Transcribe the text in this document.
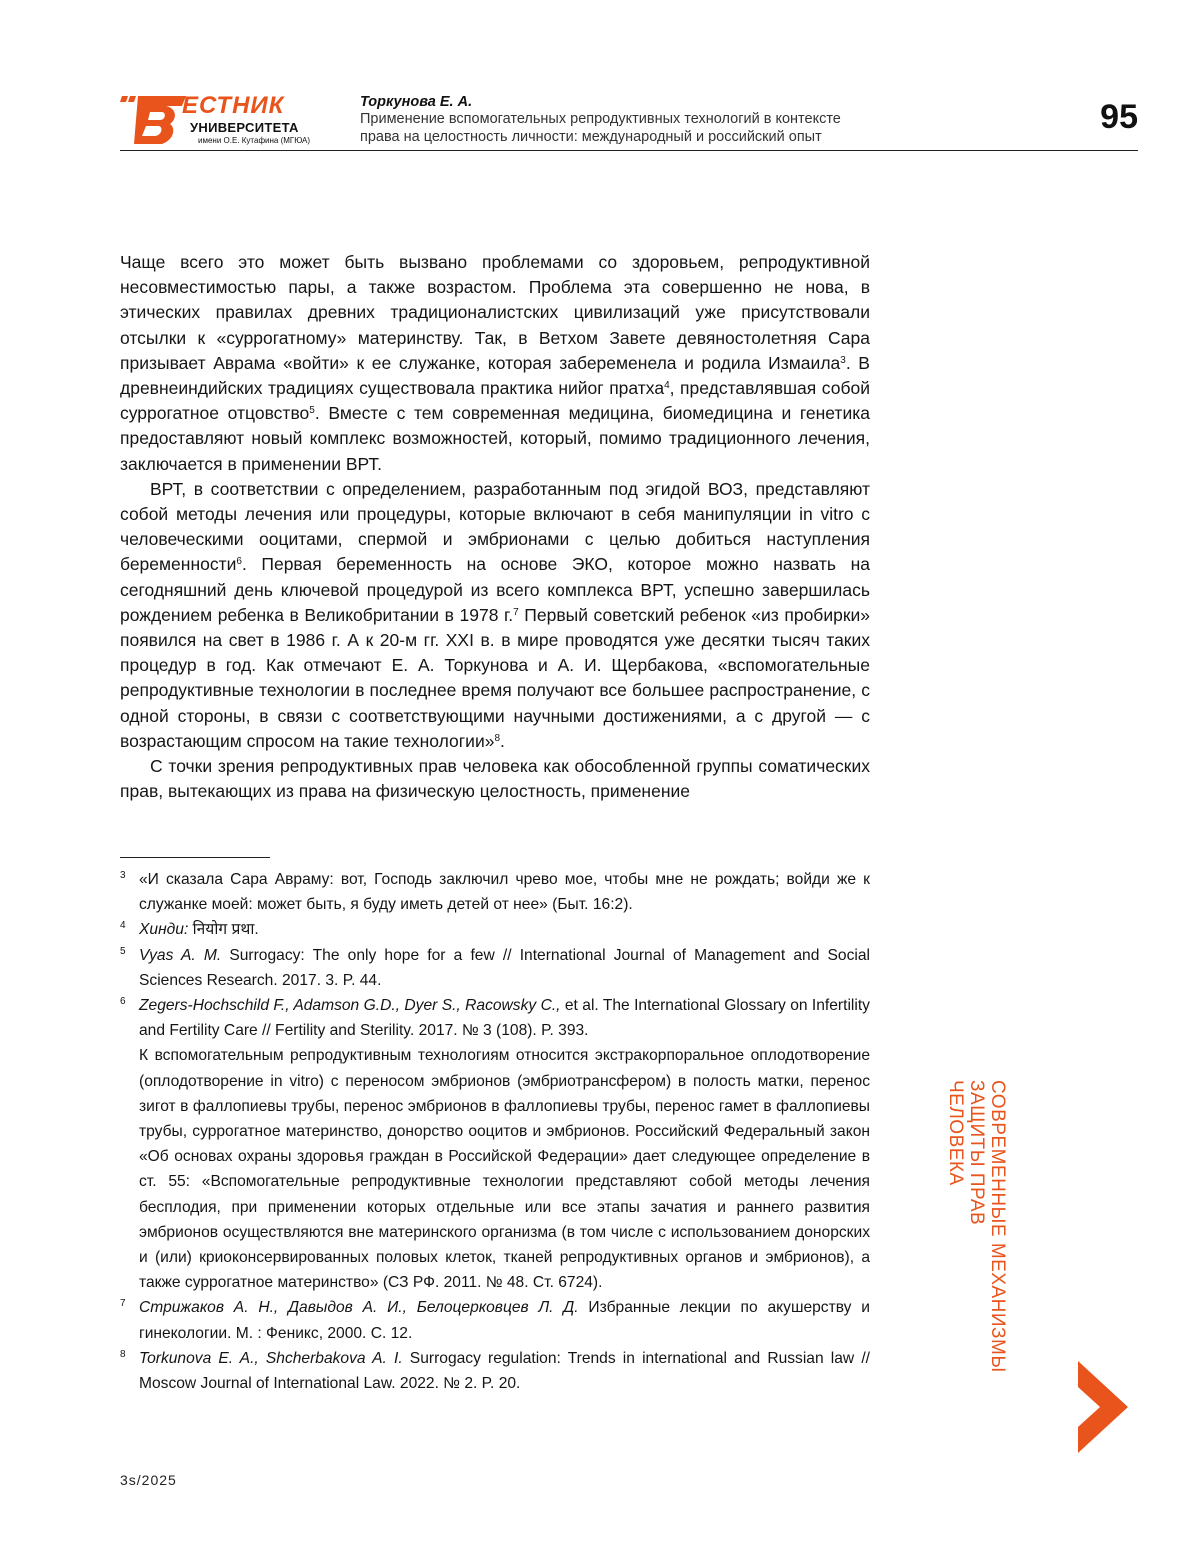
ЕСТНИК
УНИВЕРСИТЕТА
имени О.Е. Кутафина (МГЮА)
Торкунова Е. А.
Применение вспомогательных репродуктивных технологий в контексте
права на целостность личности: международный и российский опыт
95

Чаще всего это может быть вызвано проблемами со здоровьем, репродуктивной несовместимостью пары, а также возрастом. Проблема эта совершенно не нова, в этических правилах древних традиционалистских цивилизаций уже присутствовали отсылки к «суррогатному» материнству. Так, в Ветхом Завете девяностолетняя Сара призывает Аврама «войти» к ее служанке, которая забеременела и родила Измаила3. В древнеиндийских традициях существовала практика нийог пратха4, представлявшая собой суррогатное отцовство5. Вместе с тем современная медицина, биомедицина и генетика предоставляют новый комплекс возможностей, который, помимо традиционного лечения, заключается в применении ВРТ.

ВРТ, в соответствии с определением, разработанным под эгидой ВОЗ, представляют собой методы лечения или процедуры, которые включают в себя манипуляции in vitro с человеческими ооцитами, спермой и эмбрионами с целью добиться наступления беременности6. Первая беременность на основе ЭКО, которое можно назвать на сегодняшний день ключевой процедурой из всего комплекса ВРТ, успешно завершилась рождением ребенка в Великобритании в 1978 г.7 Первый советский ребенок «из пробирки» появился на свет в 1986 г. А к 20-м гг. XXI в. в мире проводятся уже десятки тысяч таких процедур в год. Как отмечают Е. А. Торкунова и А. И. Щербакова, «вспомогательные репродуктивные технологии в последнее время получают все большее распространение, с одной стороны, в связи с соответствующими научными достижениями, а с другой — с возрастающим спросом на такие технологии»8.

С точки зрения репродуктивных прав человека как обособленной группы соматических прав, вытекающих из права на физическую целостность, применение

3 «И сказала Сара Авраму: вот, Господь заключил чрево мое, чтобы мне не рождать; войди же к служанке моей: может быть, я буду иметь детей от нее» (Быт. 16:2).

4 Хинди: नियोग प्रथा.

5 Vyas A. M. Surrogacy: The only hope for a few // International Journal of Management and Social Sciences Research. 2017. 3. P. 44.

6 Zegers-Hochschild F., Adamson G.D., Dyer S., Racowsky C., et al. The International Glossary on Infertility and Fertility Care // Fertility and Sterility. 2017. № 3 (108). P. 393.

К вспомогательным репродуктивным технологиям относится экстракорпоральное оплодотворение (оплодотворение in vitro) с переносом эмбрионов (эмбриотрансфером) в полость матки, перенос зигот в фаллопиевы трубы, перенос эмбрионов в фаллопиевы трубы, перенос гамет в фаллопиевы трубы, суррогатное материнство, донорство ооцитов и эмбрионов. Российский Федеральный закон «Об основах охраны здоровья граждан в Российской Федерации» дает следующее определение в ст. 55: «Вспомогательные репродуктивные технологии представляют собой методы лечения бесплодия, при применении которых отдельные или все этапы зачатия и раннего развития эмбрионов осуществляются вне материнского организма (в том числе с использованием донорских и (или) криоконсервированных половых клеток, тканей репродуктивных органов и эмбрионов), а также суррогатное материнство» (СЗ РФ. 2011. № 48. Ст. 6724).

7 Стрижаков А. Н., Давыдов А. И., Белоцерковцев Л. Д. Избранные лекции по акушерству и гинекологии. М. : Феникс, 2000. С. 12.

8 Torkunova E. A., Shcherbakova A. I. Surrogacy regulation: Trends in international and Russian law // Moscow Journal of International Law. 2022. № 2. P. 20.

СОВРЕМЕННЫЕ МЕХАНИЗМЫ
ЗАЩИТЫ ПРАВ
ЧЕЛОВЕКА
3s/2025
